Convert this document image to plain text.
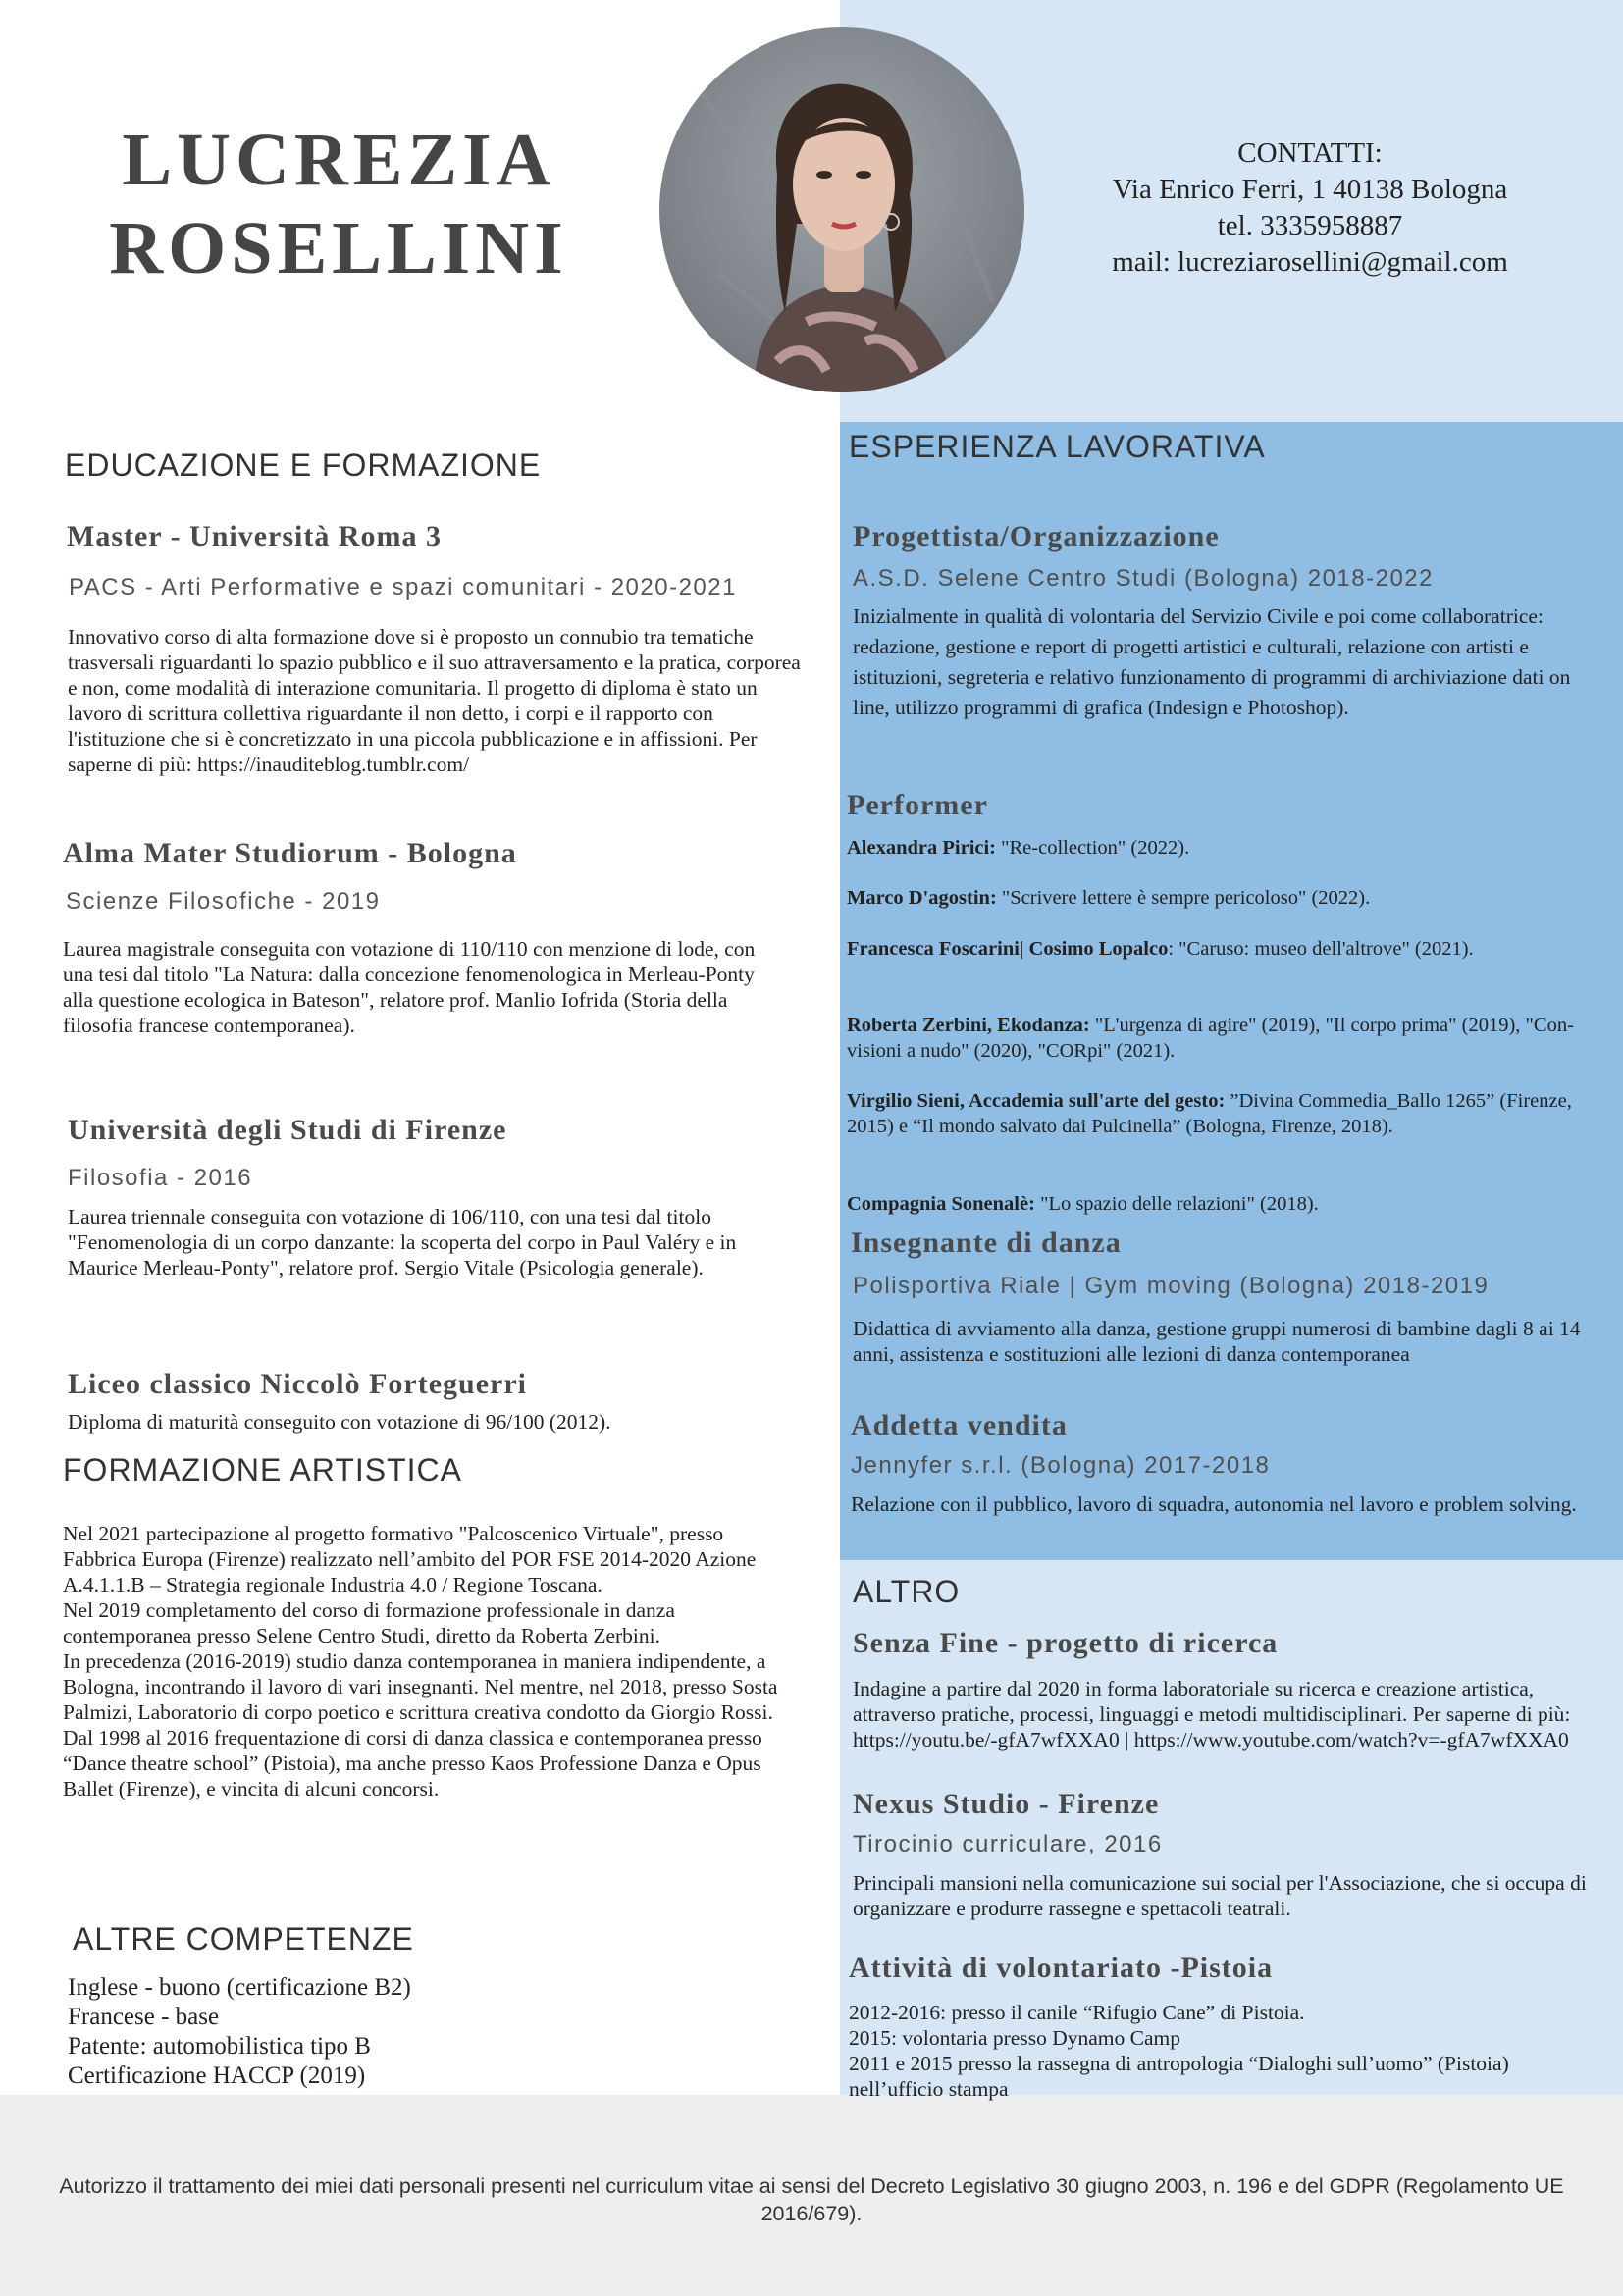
LUCREZIA
ROSELLINI
CONTATTI:
Via Enrico Ferri, 1 40138 Bologna
tel. 3335958887
mail: lucreziarosellini@gmail.com
EDUCAZIONE E FORMAZIONE
Master - Università Roma 3
PACS - Arti Performative e spazi comunitari - 2020-2021
Innovativo corso di alta formazione dove si è proposto un connubio tra tematiche trasversali riguardanti lo spazio pubblico e il suo attraversamento e la pratica, corporea e non, come modalità di interazione comunitaria. Il progetto di diploma è stato un lavoro di scrittura collettiva riguardante il non detto, i corpi e il rapporto con l'istituzione che si è concretizzato in una piccola pubblicazione e in affissioni. Per saperne di più: https://inauditeblog.tumblr.com/
Alma Mater Studiorum - Bologna
Scienze Filosofiche - 2019
Laurea magistrale conseguita con votazione di 110/110 con menzione di lode, con una tesi dal titolo "La Natura: dalla concezione fenomenologica in Merleau-Ponty alla questione ecologica in Bateson", relatore prof. Manlio Iofrida (Storia della filosofia francese contemporanea).
Università degli Studi di Firenze
Filosofia - 2016
Laurea triennale conseguita con votazione di 106/110, con una tesi dal titolo "Fenomenologia di un corpo danzante: la scoperta del corpo in Paul Valéry e in Maurice Merleau-Ponty", relatore prof. Sergio Vitale (Psicologia generale).
Liceo classico Niccolò Forteguerri
Diploma di maturità conseguito con votazione di 96/100 (2012).
FORMAZIONE ARTISTICA

Nel 2021 partecipazione al progetto formativo "Palcoscenico Virtuale", presso Fabbrica Europa (Firenze) realizzato nell’ambito del POR FSE 2014-2020 Azione A.4.1.1.B – Strategia regionale Industria 4.0 / Regione Toscana.

Nel 2019 completamento del corso di formazione professionale in danza contemporanea presso Selene Centro Studi, diretto da Roberta Zerbini.

In precedenza (2016-2019) studio danza contemporanea in maniera indipendente, a Bologna, incontrando il lavoro di vari insegnanti. Nel mentre, nel 2018, presso Sosta Palmizi, Laboratorio di corpo poetico e scrittura creativa condotto da Giorgio Rossi.

Dal 1998 al 2016 frequentazione di corsi di danza classica e contemporanea presso “Dance theatre school” (Pistoia), ma anche presso Kaos Professione Danza e Opus Ballet (Firenze), e vincita di alcuni concorsi.

ALTRE COMPETENZE
Inglese - buono (certificazione B2)
Francese - base
Patente: automobilistica tipo B
Certificazione HACCP (2019)
ESPERIENZA LAVORATIVA
Progettista/Organizzazione
A.S.D. Selene Centro Studi (Bologna) 2018-2022
Inizialmente in qualità di volontaria del Servizio Civile e poi come collaboratrice: redazione, gestione e report di progetti artistici e culturali, relazione con artisti e istituzioni, segreteria e relativo funzionamento di programmi di archiviazione dati on line, utilizzo programmi di grafica (Indesign e Photoshop).
Performer
Alexandra Pirici: "Re-collection" (2022).
Marco D'agostin: "Scrivere lettere è sempre pericoloso" (2022).
Francesca Foscarini| Cosimo Lopalco: "Caruso: museo dell'altrove" (2021).
Roberta Zerbini, Ekodanza: "L'urgenza di agire" (2019), "Il corpo prima" (2019), "Con-visioni a nudo" (2020), "CORpi" (2021).
Virgilio Sieni, Accademia sull'arte del gesto: ”Divina Commedia_Ballo 1265” (Firenze, 2015) e “Il mondo salvato dai Pulcinella” (Bologna, Firenze, 2018).
Compagnia Sonenalè: "Lo spazio delle relazioni" (2018).
Insegnante di danza
Polisportiva Riale | Gym moving (Bologna) 2018-2019
Didattica di avviamento alla danza, gestione gruppi numerosi di bambine dagli 8 ai 14 anni, assistenza e sostituzioni alle lezioni di danza contemporanea
Addetta vendita
Jennyfer s.r.l. (Bologna) 2017-2018
Relazione con il pubblico, lavoro di squadra, autonomia nel lavoro e problem solving.
ALTRO
Senza Fine - progetto di ricerca
Indagine a partire dal 2020 in forma laboratoriale su ricerca e creazione artistica, attraverso pratiche, processi, linguaggi e metodi multidisciplinari. Per saperne di più: https://youtu.be/-gfA7wfXXA0 | https://www.youtube.com/watch?v=-gfA7wfXXA0
Nexus Studio - Firenze
Tirocinio curriculare, 2016
Principali mansioni nella comunicazione sui social per l'Associazione, che si occupa di organizzare e produrre rassegne e spettacoli teatrali.
Attività di volontariato -Pistoia
2012-2016: presso il canile “Rifugio Cane” di Pistoia.
2015: volontaria presso Dynamo Camp
2011 e 2015 presso la rassegna di antropologia “Dialoghi sull’uomo” (Pistoia) nell’ufficio stampa
Autorizzo il trattamento dei miei dati personali presenti nel curriculum vitae ai sensi del Decreto Legislativo 30 giugno 2003, n. 196 e del GDPR (Regolamento UE 2016/679).
